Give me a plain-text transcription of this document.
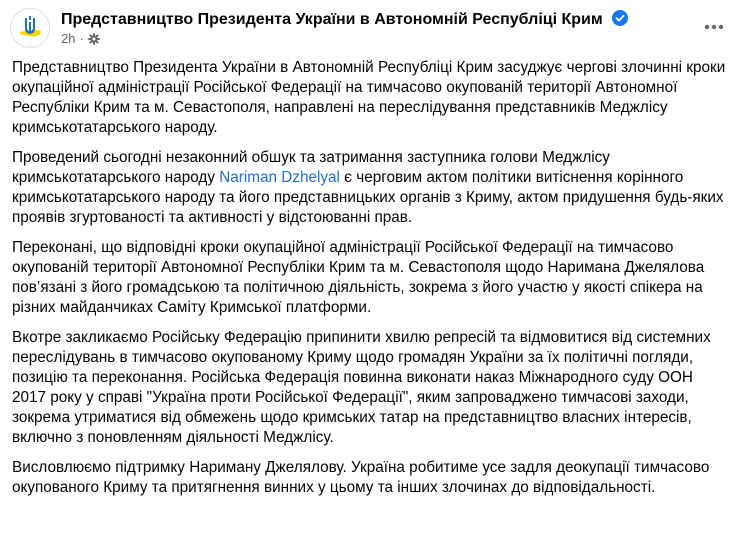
Представництво Президента України в Автономній Республіці Крим
2h ·

Представництво Президента України в Автономній Республіці Крим засуджує чергові злочинні кроки окупаційної адміністрації Російської Федерації на тимчасово окупованій території Автономної Республіки Крим та м. Севастополя, направлені на переслідування представників Меджлісу кримськотатарського народу.

Проведений сьогодні незаконний обшук та затримання заступника голови Меджлісу кримськотатарського народу Nariman Dzhelyal є черговим актом політики витіснення корінного кримськотатарського народу та його представницьких органів з Криму, актом придушення будь-яких проявів згуртованості та активності у відстоюванні прав.

Переконані, що відповідні кроки окупаційної адміністрації Російської Федерації на тимчасово окупованій території Автономної Республіки Крим та м. Севастополя щодо Наримана Джелялова пов’язані з його громадською та політичною діяльність, зокрема з його участю у якості спікера на різних майданчиках Саміту Кримської платформи.

Вкотре закликаємо Російську Федерацію припинити хвилю репресій та відмовитися від системних переслідувань в тимчасово окупованому Криму щодо громадян України за їх політичні погляди, позицію та переконання. Російська Федерація повинна виконати наказ Міжнародного суду ООН 2017 року у справі "Україна проти Російської Федерації", яким запроваджено тимчасові заходи, зокрема утриматися від обмежень щодо кримських татар на представництво власних інтересів, включно з поновленням діяльності Меджлісу.

Висловлюємо підтримку Нариману Джелялову. Україна робитиме усе задля деокупації тимчасово окупованого Криму та притягнення винних у цьому та інших злочинах до відповідальності.
